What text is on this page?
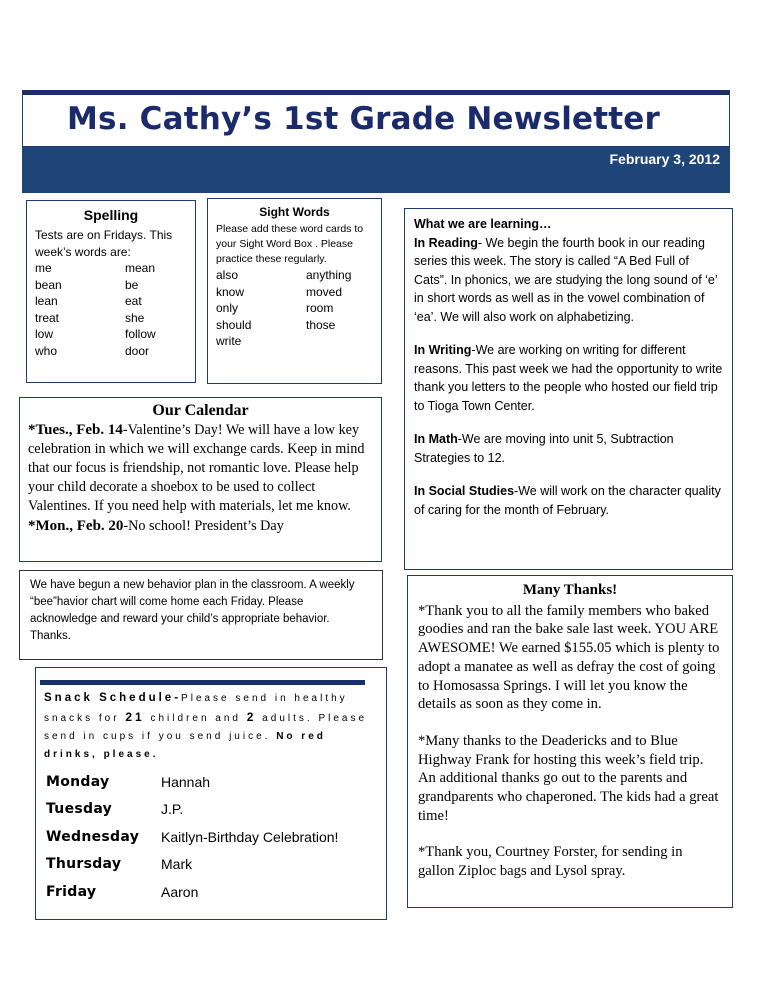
Ms. Cathy’s 1st Grade Newsletter
February 3, 2012
Spelling
Tests are on Fridays. This week’s words are:
me	mean
bean	be
lean	eat
treat	she
low	follow
who	door
Sight Words
Please add these word cards to your Sight Word Box . Please practice these regularly.
also	anything
know	moved
only	room
should	those
write
Our Calendar
*Tues., Feb. 14-Valentine’s Day! We will have a low key celebration in which we will exchange cards. Keep in mind that our focus is friendship, not romantic love. Please help your child decorate a shoebox to be used to collect Valentines. If you need help with materials, let me know.
*Mon., Feb. 20-No school! President’s Day
We have begun a new behavior plan in the classroom. A weekly “bee”havior chart will come home each Friday. Please acknowledge and reward your child’s appropriate behavior. Thanks.
Snack Schedule-Please send in healthy snacks for 21 children and 2 adults. Please send in cups if you send juice. No red drinks, please.
Monday	Hannah
Tuesday	J.P.
Wednesday	Kaitlyn-Birthday Celebration!
Thursday	Mark
Friday	Aaron
What we are learning…

In Reading- We begin the fourth book in our reading series this week. The story is called “A Bed Full of Cats”. In phonics, we are studying the long sound of ‘e’ in short words as well as in the vowel combination of ‘ea’. We will also work on alphabetizing.

In Writing-We are working on writing for different reasons. This past week we had the opportunity to write thank you letters to the people who hosted our field trip to Tioga Town Center.

In Math-We are moving into unit 5, Subtraction Strategies to 12.

In Social Studies-We will work on the character quality of caring for the month of February.

Many Thanks!

*Thank you to all the family members who baked goodies and ran the bake sale last week. YOU ARE AWESOME! We earned $155.05 which is plenty to adopt a manatee as well as defray the cost of going to Homosassa Springs. I will let you know the details as soon as they come in.

*Many thanks to the Deadericks and to Blue Highway Frank for hosting this week’s field trip. An additional thanks go out to the parents and grandparents who chaperoned. The kids had a great time!

*Thank you, Courtney Forster, for sending in gallon Ziploc bags and Lysol spray.
